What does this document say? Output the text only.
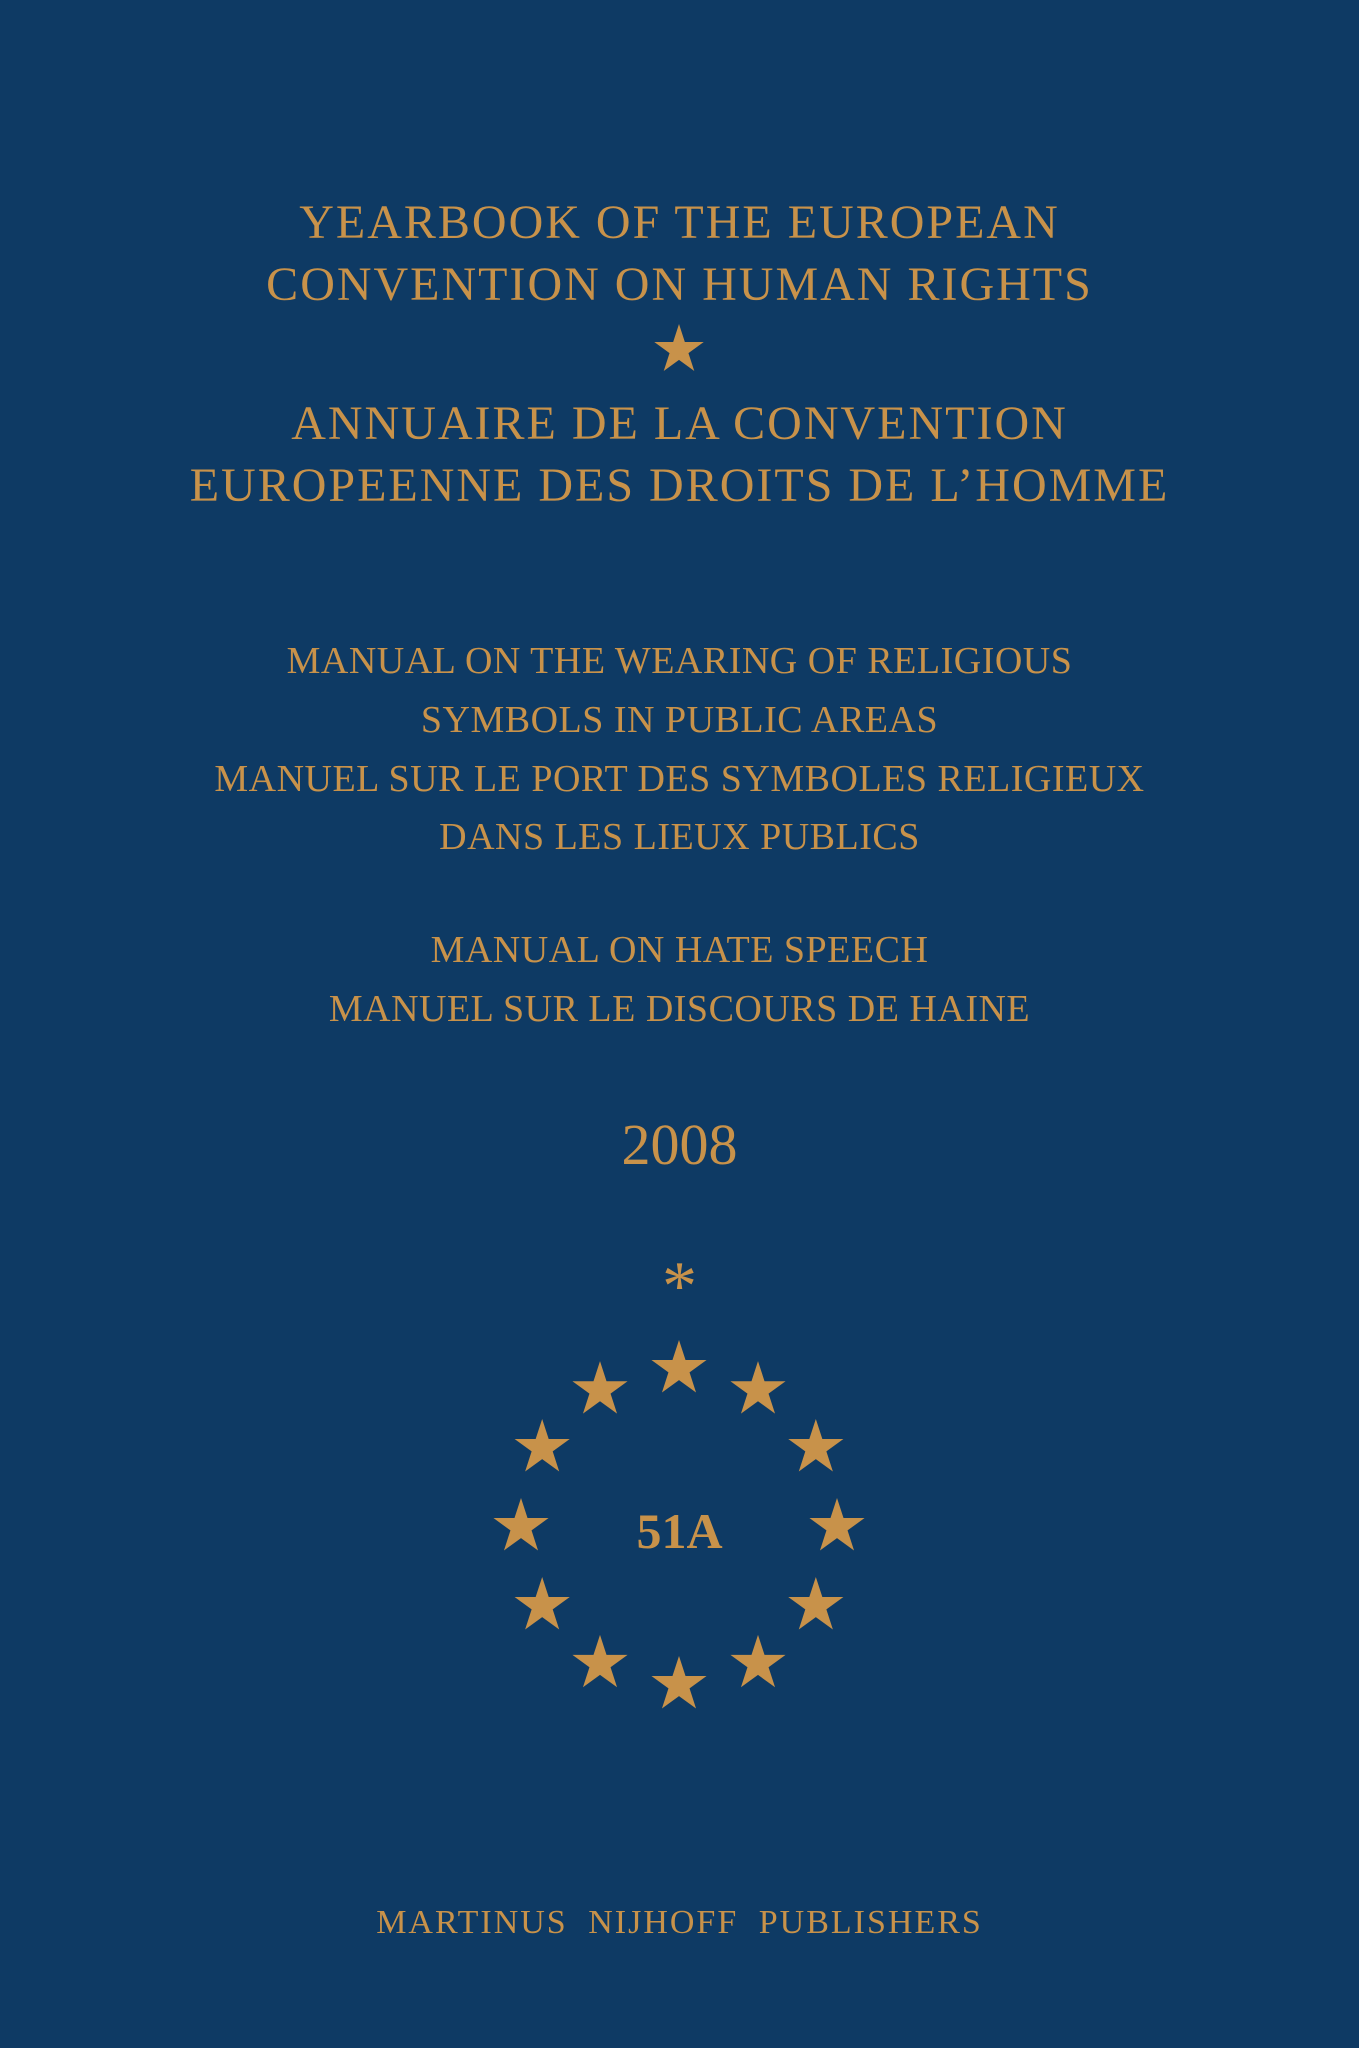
YEARBOOK OF THE EUROPEAN
CONVENTION ON HUMAN RIGHTS
ANNUAIRE DE LA CONVENTION
EUROPEENNE DES DROITS DE L’HOMME
MANUAL ON THE WEARING OF RELIGIOUS
SYMBOLS IN PUBLIC AREAS
MANUEL SUR LE PORT DES SYMBOLES RELIGIEUX
DANS LES LIEUX PUBLICS
MANUAL ON HATE SPEECH
MANUEL SUR LE DISCOURS DE HAINE
2008
*
51A
MARTINUS NIJHOFF PUBLISHERS
